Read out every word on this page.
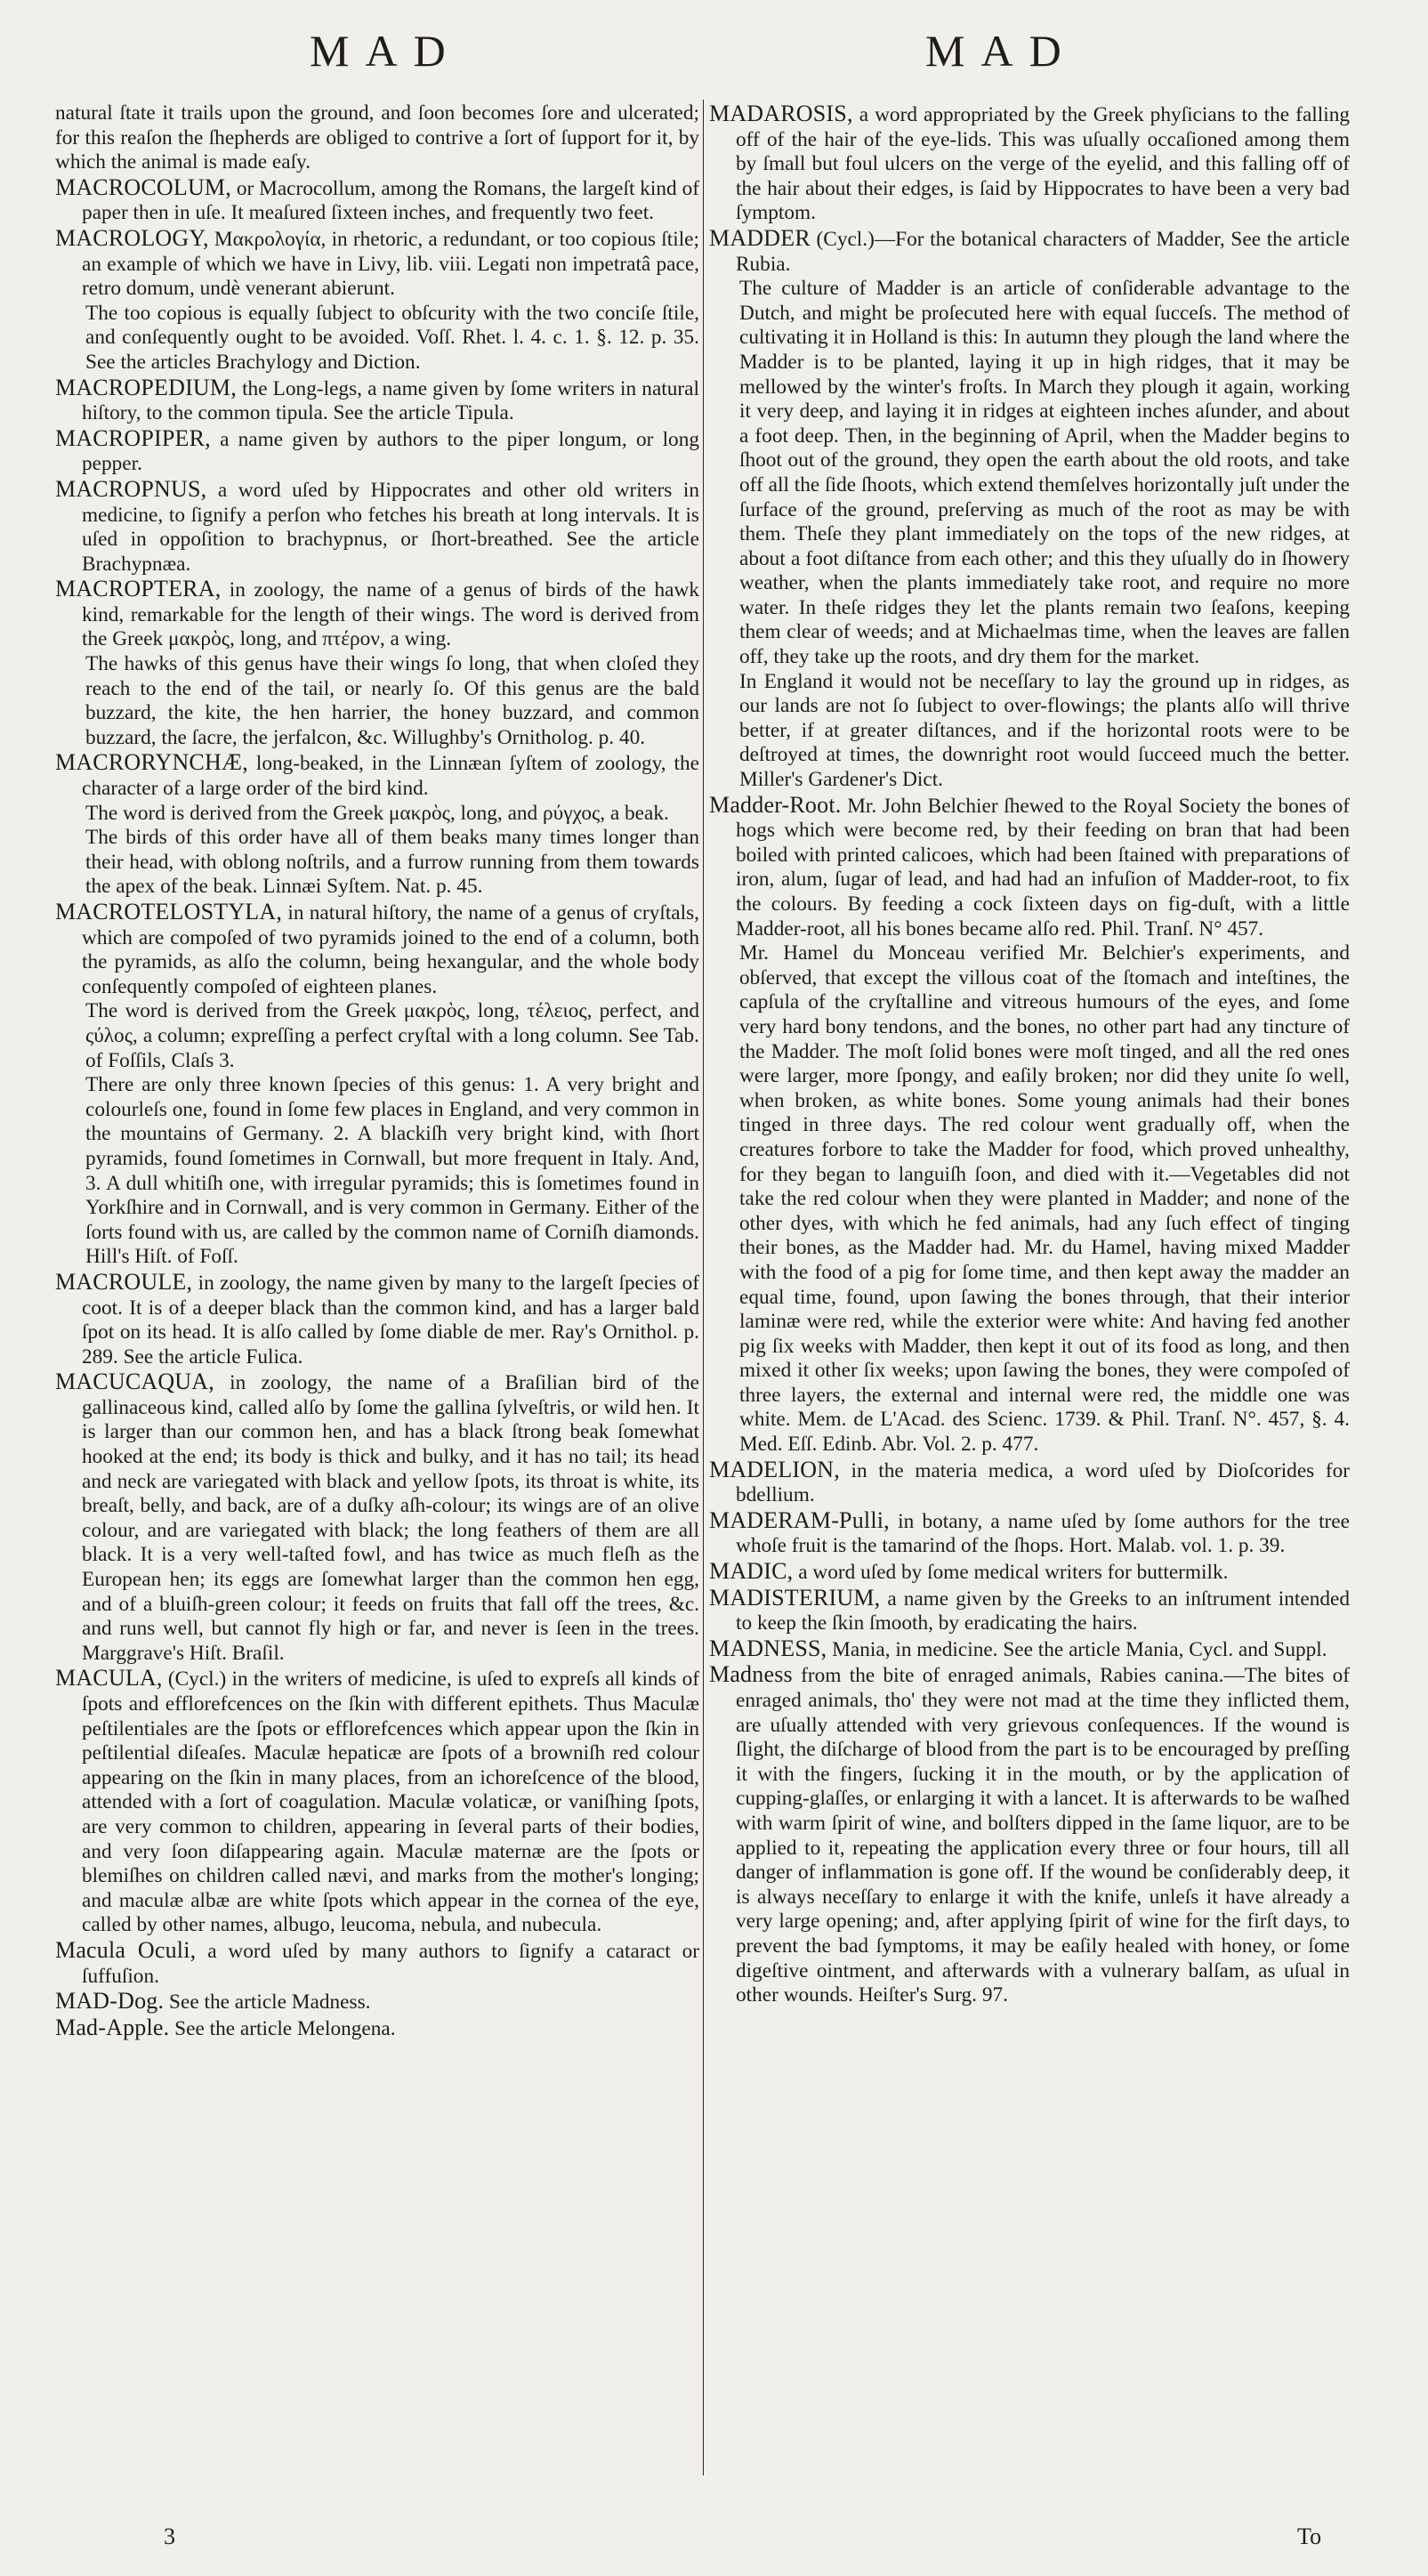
MAD	MAD

natural ſtate it trails upon the ground, and ſoon becomes ſore and ulcerated; for this reaſon the ſhepherds are obliged to contrive a ſort of ſupport for it, by which the animal is made eaſy.

MACROCOLUM, or Macrocollum, among the Romans, the largeſt kind of paper then in uſe. It meaſured ſixteen inches, and frequently two feet.

MACROLOGY, Μακρολογία, in rhetoric, a redundant, or too copious ſtile; an example of which we have in Livy, lib. viii. Legati non impetratâ pace, retro domum, undè venerant abierunt.

The too copious is equally ſubject to obſcurity with the two conciſe ſtile, and conſequently ought to be avoided. Voſſ. Rhet. l. 4. c. 1. §. 12. p. 35. See the articles Brachylogy and Diction.

MACROPEDIUM, the Long-legs, a name given by ſome writers in natural hiſtory, to the common tipula. See the article Tipula.

MACROPIPER, a name given by authors to the piper longum, or long pepper.

MACROPNUS, a word uſed by Hippocrates and other old writers in medicine, to ſignify a perſon who fetches his breath at long intervals. It is uſed in oppoſition to brachypnus, or ſhort-breathed. See the article Brachypnæa.

MACROPTERA, in zoology, the name of a genus of birds of the hawk kind, remarkable for the length of their wings. The word is derived from the Greek μακρὸς, long, and πτέρον, a wing.

The hawks of this genus have their wings ſo long, that when cloſed they reach to the end of the tail, or nearly ſo. Of this genus are the bald buzzard, the kite, the hen harrier, the honey buzzard, and common buzzard, the ſacre, the jerfalcon, &c. Willughby's Ornitholog. p. 40.

MACRORYNCHÆ, long-beaked, in the Linnæan ſyſtem of zoology, the character of a large order of the bird kind.

The word is derived from the Greek μακρὸς, long, and ρύγχος, a beak.

The birds of this order have all of them beaks many times longer than their head, with oblong noſtrils, and a furrow running from them towards the apex of the beak. Linnæi Syſtem. Nat. p. 45.

MACROTELOSTYLA, in natural hiſtory, the name of a genus of cryſtals, which are compoſed of two pyramids joined to the end of a column, both the pyramids, as alſo the column, being hexangular, and the whole body conſequently compoſed of eighteen planes.

The word is derived from the Greek μακρὸς, long, τέλειος, perfect, and ςύλος, a column; expreſſing a perfect cryſtal with a long column. See Tab. of Foſſils, Claſs 3.

There are only three known ſpecies of this genus: 1. A very bright and colourleſs one, found in ſome few places in England, and very common in the mountains of Germany. 2. A blackiſh very bright kind, with ſhort pyramids, found ſometimes in Cornwall, but more frequent in Italy. And, 3. A dull whitiſh one, with irregular pyramids; this is ſometimes found in Yorkſhire and in Cornwall, and is very common in Germany. Either of the ſorts found with us, are called by the common name of Corniſh diamonds. Hill's Hiſt. of Foſſ.

MACROULE, in zoology, the name given by many to the largeſt ſpecies of coot. It is of a deeper black than the common kind, and has a larger bald ſpot on its head. It is alſo called by ſome diable de mer. Ray's Ornithol. p. 289. See the article Fulica.

MACUCAQUA, in zoology, the name of a Braſilian bird of the gallinaceous kind, called alſo by ſome the gallina ſylveſtris, or wild hen. It is larger than our common hen, and has a black ſtrong beak ſomewhat hooked at the end; its body is thick and bulky, and it has no tail; its head and neck are variegated with black and yellow ſpots, its throat is white, its breaſt, belly, and back, are of a duſky aſh-colour; its wings are of an olive colour, and are variegated with black; the long feathers of them are all black. It is a very well-taſted fowl, and has twice as much fleſh as the European hen; its eggs are ſomewhat larger than the common hen egg, and of a bluiſh-green colour; it feeds on fruits that fall off the trees, &c. and runs well, but cannot fly high or far, and never is ſeen in the trees. Marggrave's Hiſt. Braſil.

MACULA, (Cycl.) in the writers of medicine, is uſed to expreſs all kinds of ſpots and efflorefcences on the ſkin with different epithets. Thus Maculæ peſtilentiales are the ſpots or efflorefcences which appear upon the ſkin in peſtilential diſeaſes. Maculæ hepaticæ are ſpots of a browniſh red colour appearing on the ſkin in many places, from an ichoreſcence of the blood, attended with a ſort of coagulation. Maculæ volaticæ, or vaniſhing ſpots, are very common to children, appearing in ſeveral parts of their bodies, and very ſoon diſappearing again. Maculæ maternæ are the ſpots or blemiſhes on children called nævi, and marks from the mother's longing; and maculæ albæ are white ſpots which appear in the cornea of the eye, called by other names, albugo, leucoma, nebula, and nubecula.

Macula Oculi, a word uſed by many authors to ſignify a cataract or ſuffuſion.

MAD-Dog. See the article Madness.

Mad-Apple. See the article Melongena.

MADAROSIS, a word appropriated by the Greek phyſicians to the falling off of the hair of the eye-lids. This was uſually occaſioned among them by ſmall but foul ulcers on the verge of the eyelid, and this falling off of the hair about their edges, is ſaid by Hippocrates to have been a very bad ſymptom.

MADDER (Cycl.)—For the botanical characters of Madder, See the article Rubia.

The culture of Madder is an article of conſiderable advantage to the Dutch, and might be proſecuted here with equal ſucceſs. The method of cultivating it in Holland is this: In autumn they plough the land where the Madder is to be planted, laying it up in high ridges, that it may be mellowed by the winter's froſts. In March they plough it again, working it very deep, and laying it in ridges at eighteen inches aſunder, and about a foot deep. Then, in the beginning of April, when the Madder begins to ſhoot out of the ground, they open the earth about the old roots, and take off all the ſide ſhoots, which extend themſelves horizontally juſt under the ſurface of the ground, preſerving as much of the root as may be with them. Theſe they plant immediately on the tops of the new ridges, at about a foot diſtance from each other; and this they uſually do in ſhowery weather, when the plants immediately take root, and require no more water. In theſe ridges they let the plants remain two ſeaſons, keeping them clear of weeds; and at Michaelmas time, when the leaves are fallen off, they take up the roots, and dry them for the market.

In England it would not be neceſſary to lay the ground up in ridges, as our lands are not ſo ſubject to over-flowings; the plants alſo will thrive better, if at greater diſtances, and if the horizontal roots were to be deſtroyed at times, the downright root would ſucceed much the better. Miller's Gardener's Dict.

Madder-Root. Mr. John Belchier ſhewed to the Royal Society the bones of hogs which were become red, by their feeding on bran that had been boiled with printed calicoes, which had been ſtained with preparations of iron, alum, ſugar of lead, and had had an infuſion of Madder-root, to fix the colours. By feeding a cock ſixteen days on fig-duſt, with a little Madder-root, all his bones became alſo red. Phil. Tranſ. N° 457.

Mr. Hamel du Monceau verified Mr. Belchier's experiments, and obſerved, that except the villous coat of the ſtomach and inteſtines, the capſula of the cryſtalline and vitreous humours of the eyes, and ſome very hard bony tendons, and the bones, no other part had any tincture of the Madder. The moſt ſolid bones were moſt tinged, and all the red ones were larger, more ſpongy, and eaſily broken; nor did they unite ſo well, when broken, as white bones. Some young animals had their bones tinged in three days. The red colour went gradually off, when the creatures forbore to take the Madder for food, which proved unhealthy, for they began to languiſh ſoon, and died with it.—Vegetables did not take the red colour when they were planted in Madder; and none of the other dyes, with which he fed animals, had any ſuch effect of tinging their bones, as the Madder had. Mr. du Hamel, having mixed Madder with the food of a pig for ſome time, and then kept away the madder an equal time, found, upon ſawing the bones through, that their interior laminæ were red, while the exterior were white: And having fed another pig ſix weeks with Madder, then kept it out of its food as long, and then mixed it other ſix weeks; upon ſawing the bones, they were compoſed of three layers, the external and internal were red, the middle one was white. Mem. de L'Acad. des Scienc. 1739. & Phil. Tranſ. N°. 457, §. 4. Med. Eſſ. Edinb. Abr. Vol. 2. p. 477.

MADELION, in the materia medica, a word uſed by Dioſcorides for bdellium.

MADERAM-Pulli, in botany, a name uſed by ſome authors for the tree whoſe fruit is the tamarind of the ſhops. Hort. Malab. vol. 1. p. 39.

MADIC, a word uſed by ſome medical writers for buttermilk.

MADISTERIUM, a name given by the Greeks to an inſtrument intended to keep the ſkin ſmooth, by eradicating the hairs.

MADNESS, Mania, in medicine. See the article Mania, Cycl. and Suppl.

Madness from the bite of enraged animals, Rabies canina.—The bites of enraged animals, tho' they were not mad at the time they inflicted them, are uſually attended with very grievous conſequences. If the wound is ſlight, the diſcharge of blood from the part is to be encouraged by preſſing it with the fingers, ſucking it in the mouth, or by the application of cupping-glaſſes, or enlarging it with a lancet. It is afterwards to be waſhed with warm ſpirit of wine, and bolſters dipped in the ſame liquor, are to be applied to it, repeating the application every three or four hours, till all danger of inflammation is gone off. If the wound be conſiderably deep, it is always neceſſary to enlarge it with the knife, unleſs it have already a very large opening; and, after applying ſpirit of wine for the firſt days, to prevent the bad ſymptoms, it may be eaſily healed with honey, or ſome digeſtive ointment, and afterwards with a vulnerary balſam, as uſual in other wounds. Heiſter's Surg. 97.

3	To
